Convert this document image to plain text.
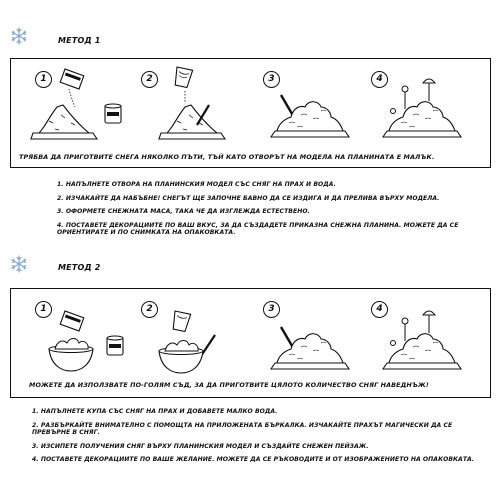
МЕТОД 1
1	2	3	4
ТРЯБВА ДА ПРИГОТВИТЕ СНЕГА НЯКОЛКО ПЪТИ, ТЪЙ КАТО ОТВОРЪТ НА МОДЕЛА НА ПЛАНИНАТА Е МАЛЪК.
1. НАПЪЛНЕТЕ ОТВОРА НА ПЛАНИНСКИЯ МОДЕЛ СЪС СНЯГ НА ПРАХ И ВОДА.
2. ИЗЧАКАЙТЕ ДА НАБЪБНЕ! СНЕГЪТ ЩЕ ЗАПОЧНЕ БАВНО ДА СЕ ИЗДИГА И ДА ПРЕЛИВА ВЪРХУ МОДЕЛА.
3. ОФОРМЕТЕ СНЕЖНАТА МАСА, ТАКА ЧЕ ДА ИЗГЛЕЖДА ЕСТЕСТВЕНО.
4. ПОСТАВЕТЕ ДЕКОРАЦИИТЕ ПО ВАШ ВКУС, ЗА ДА СЪЗДАДЕТЕ ПРИКАЗНА СНЕЖНА ПЛАНИНА. МОЖЕТЕ ДА СЕ ОРИЕНТИРАТЕ И ПО СНИМКАТА НА ОПАКОВКАТА.
МЕТОД 2
1	2	3	4
МОЖЕТЕ ДА ИЗПОЛЗВАТЕ ПО-ГОЛЯМ СЪД, ЗА ДА ПРИГОТВИТЕ ЦЯЛОТО КОЛИЧЕСТВО СНЯГ НАВЕДНЪЖ!
1. НАПЪЛНЕТЕ КУПА СЪС СНЯГ НА ПРАХ И ДОБАВЕТЕ МАЛКО ВОДА.
2. РАЗБЪРКАЙТЕ ВНИМАТЕЛНО С ПОМОЩТА НА ПРИЛОЖЕНАТА БЪРКАЛКА. ИЗЧАКАЙТЕ ПРАХЪТ МАГИЧЕСКИ ДА СЕ ПРЕВЪРНЕ В СНЯГ.
3. ИЗСИПЕТЕ ПОЛУЧЕНИЯ СНЯГ ВЪРХУ ПЛАНИНСКИЯ МОДЕЛ И СЪЗДАЙТЕ СНЕЖЕН ПЕЙЗАЖ.
4. ПОСТАВЕТЕ ДЕКОРАЦИИТЕ ПО ВАШЕ ЖЕЛАНИЕ. МОЖЕТЕ ДА СЕ РЪКОВОДИТЕ И ОТ ИЗОБРАЖЕНИЕТО НА ОПАКОВКАТА.
